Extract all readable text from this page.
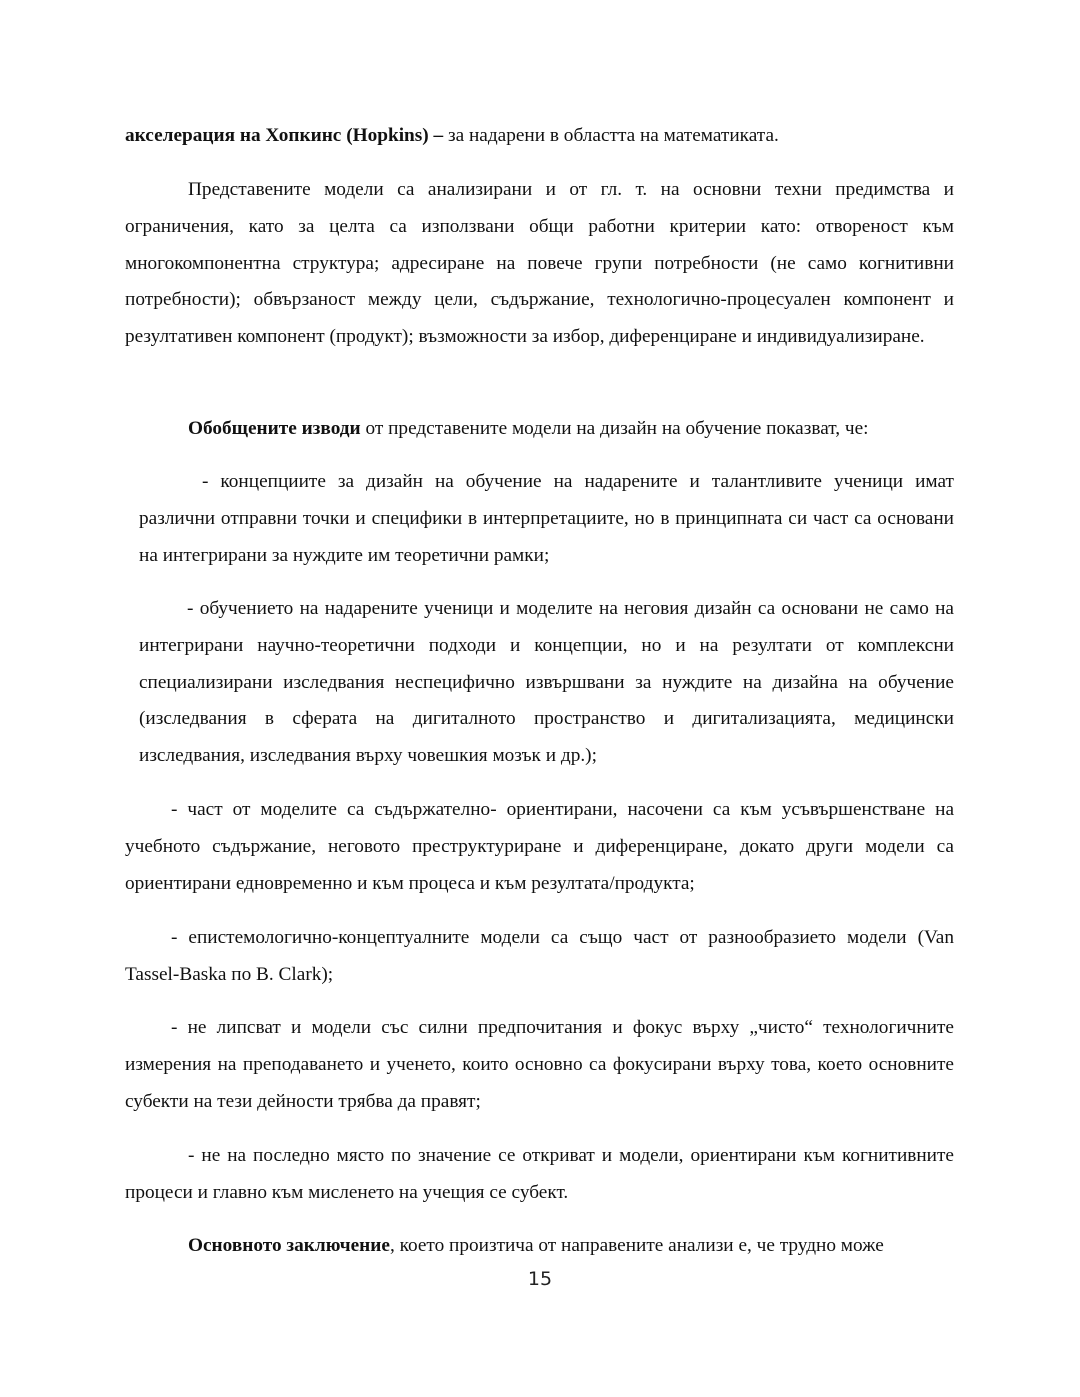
акселерация на Хопкинс (Hopkins) – за надарени в областта на математиката.
Представените модели са анализирани и от гл. т. на основни техни предимства и ограничения, като за целта са използвани общи работни критерии като: отвореност към многокомпонентна структура; адресиране на повече групи потребности (не само когнитивни потребности); обвързаност между цели, съдържание, технологично-процесуален компонент и резултативен компонент (продукт); възможности за избор, диференциране и индивидуализиране.
Обобщените изводи от представените модели на дизайн на обучение показват, че:
- концепциите за дизайн на обучение на надарените и талантливите ученици имат различни отправни точки и специфики в интерпретациите, но в принципната си част са основани на интегрирани за нуждите им теоретични рамки;
- обучението на надарените ученици и моделите на неговия дизайн са основани не само на интегрирани научно-теоретични подходи и концепции, но и на резултати от комплексни специализирани изследвания неспецифично извършвани за нуждите на дизайна на обучение (изследвания в сферата на дигиталното пространство и дигитализацията, медицински изследвания, изследвания върху човешкия мозък и др.);
- част от моделите са съдържателно- ориентирани, насочени са към усъвършенстване на учебното съдържание, неговото преструктуриране и диференциране, докато други модели са ориентирани едновременно и към процеса и към резултата/продукта;
- епистемологично-концептуалните модели са също част от разнообразието модели (Van Tassel-Baska по B. Clark);
- не липсват и модели със силни предпочитания и фокус върху „чисто“ технологичните измерения на преподаването и ученето, които основно са фокусирани върху това, което основните субекти на тези дейности трябва да правят;
- не на последно място по значение се откриват и модели, ориентирани към когнитивните процеси и главно към мисленето на учещия се субект.
Основното заключение, което произтича от направените анализи е, че трудно може
15
